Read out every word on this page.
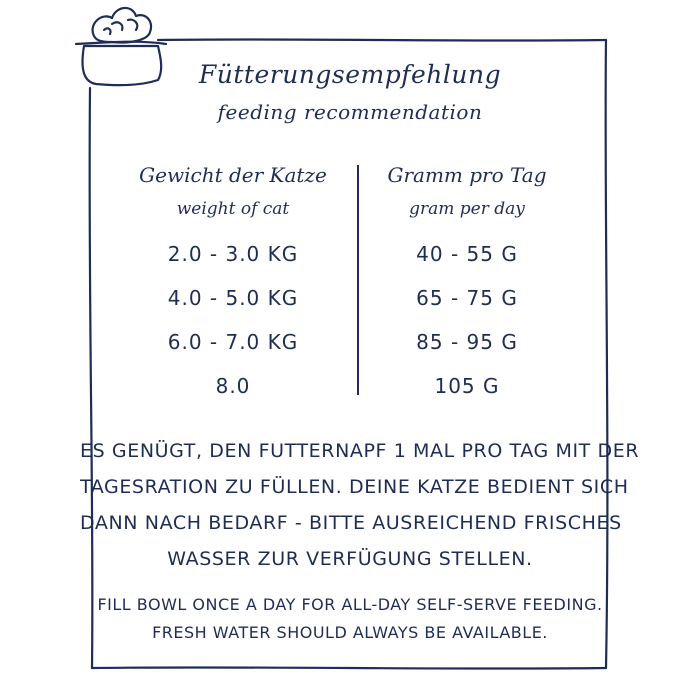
Fütterungsempfehlung
feeding recommendation
Gewicht der Katze
weight of cat
2.0 - 3.0 KG
4.0 - 5.0 KG
6.0 - 7.0 KG
8.0
Gramm pro Tag
gram per day
40 - 55 G
65 - 75 G
85 - 95 G
105 G
ES GENÜGT, DEN FUTTERNAPF 1 MAL PRO TAG MIT DER
TAGESRATION ZU FÜLLEN. DEINE KATZE BEDIENT SICH
DANN NACH BEDARF - BITTE AUSREICHEND FRISCHES
WASSER ZUR VERFÜGUNG STELLEN.
FILL BOWL ONCE A DAY FOR ALL-DAY SELF-SERVE FEEDING.
FRESH WATER SHOULD ALWAYS BE AVAILABLE.
